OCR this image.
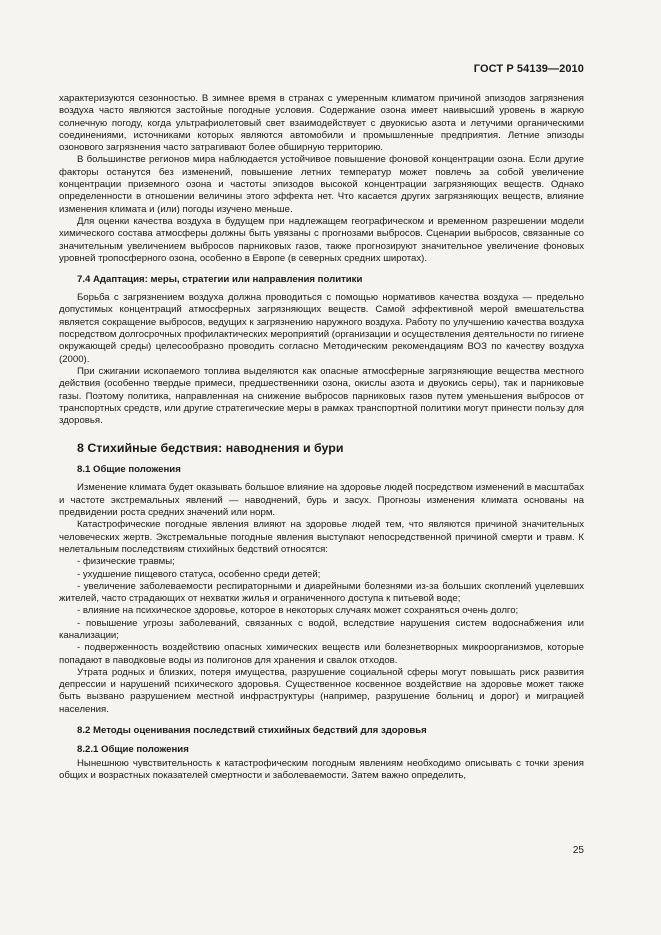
ГОСТ Р 54139—2010

характеризуются сезонностью. В зимнее время в странах с умеренным климатом причиной эпизодов загрязнения воздуха часто являются застойные погодные условия. Содержание озона имеет наивысший уровень в жаркую солнечную погоду, когда ультрафиолетовый свет взаимодействует с двуокисью азота и летучими органическими соединениями, источниками которых являются автомобили и промышленные предприятия. Летние эпизоды озонового загрязнения часто затрагивают более обширную территорию.

В большинстве регионов мира наблюдается устойчивое повышение фоновой концентрации озона. Если другие факторы останутся без изменений, повышение летних температур может повлечь за собой увеличение концентрации приземного озона и частоты эпизодов высокой концентрации загрязняющих веществ. Однако определенности в отношении величины этого эффекта нет. Что касается других загрязняющих веществ, влияние изменения климата и (или) погоды изучено меньше.

Для оценки качества воздуха в будущем при надлежащем географическом и временном разрешении модели химического состава атмосферы должны быть увязаны с прогнозами выбросов. Сценарии выбросов, связанные со значительным увеличением выбросов парниковых газов, также прогнозируют значительное увеличение фоновых уровней тропосферного озона, особенно в Европе (в северных средних широтах).

7.4 Адаптация: меры, стратегии или направления политики

Борьба с загрязнением воздуха должна проводиться с помощью нормативов качества воздуха — предельно допустимых концентраций атмосферных загрязняющих веществ. Самой эффективной мерой вмешательства является сокращение выбросов, ведущих к загрязнению наружного воздуха. Работу по улучшению качества воздуха посредством долгосрочных профилактических мероприятий (организации и осуществления деятельности по гигиене окружающей среды) целесообразно проводить согласно Методическим рекомендациям ВОЗ по качеству воздуха (2000).

При сжигании ископаемого топлива выделяются как опасные атмосферные загрязняющие вещества местного действия (особенно твердые примеси, предшественники озона, окислы азота и двуокись серы), так и парниковые газы. Поэтому политика, направленная на снижение выбросов парниковых газов путем уменьшения выбросов от транспортных средств, или другие стратегические меры в рамках транспортной политики могут принести пользу для здоровья.

8 Стихийные бедствия: наводнения и бури
8.1 Общие положения

Изменение климата будет оказывать большое влияние на здоровье людей посредством изменений в масштабах и частоте экстремальных явлений — наводнений, бурь и засух. Прогнозы изменения климата основаны на предвидении роста средних значений или норм.

Катастрофические погодные явления влияют на здоровье людей тем, что являются причиной значительных человеческих жертв. Экстремальные погодные явления выступают непосредственной причиной смерти и травм. К нелетальным последствиям стихийных бедствий относятся:

- физические травмы;

- ухудшение пищевого статуса, особенно среди детей;

- увеличение заболеваемости респираторными и диарейными болезнями из-за больших скоплений уцелевших жителей, часто страдающих от нехватки жилья и ограниченного доступа к питьевой воде;

- влияние на психическое здоровье, которое в некоторых случаях может сохраняться очень долго;

- повышение угрозы заболеваний, связанных с водой, вследствие нарушения систем водоснабжения или канализации;

- подверженность воздействию опасных химических веществ или болезнетворных микроорганизмов, которые попадают в паводковые воды из полигонов для хранения и свалок отходов.

Утрата родных и близких, потеря имущества, разрушение социальной сферы могут повышать риск развития депрессии и нарушений психического здоровья. Существенное косвенное воздействие на здоровье может также быть вызвано разрушением местной инфраструктуры (например, разрушение больниц и дорог) и миграцией населения.

8.2 Методы оценивания последствий стихийных бедствий для здоровья
8.2.1 Общие положения

Нынешнюю чувствительность к катастрофическим погодным явлениям необходимо описывать с точки зрения общих и возрастных показателей смертности и заболеваемости. Затем важно определить,

25
